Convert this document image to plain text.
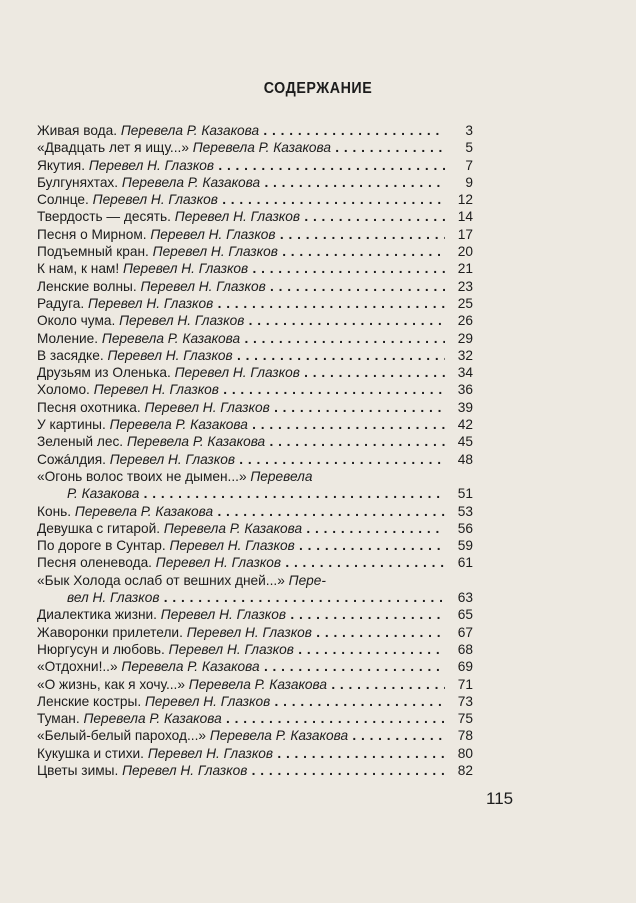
СОДЕРЖАНИЕ
Живая вода. Перевела Р. Казакова . .	3
«Двадцать лет я ищу...» Перевела Р. Казакова . .	5
Якутия. Перевел Н. Глазков . .	7
Булгуняхтах. Перевела Р. Казакова . .	9
Солнце. Перевел Н. Глазков . .	12
Твердость — десять. Перевел Н. Глазков . .	14
Песня о Мирном. Перевел Н. Глазков . .	17
Подъемный кран. Перевел Н. Глазков . .	20
К нам, к нам! Перевел Н. Глазков . .	21
Ленские волны. Перевел Н. Глазков . .	23
Радуга. Перевел Н. Глазков . .	25
Около чума. Перевел Н. Глазков . .	26
Моление. Перевела Р. Казакова . .	29
В засядке. Перевел Н. Глазков . .	32
Друзьям из Оленька. Перевел Н. Глазков . .	34
Холомо. Перевел Н. Глазков . .	36
Песня охотника. Перевел Н. Глазков . .	39
У картины. Перевела Р. Казакова . .	42
Зеленый лес. Перевела Р. Казакова . .	45
Сожáлдия. Перевел Н. Глазков . .	48
«Огонь волос твоих не дымен...» Перевела
Р. Казакова . .	51
Конь. Перевела Р. Казакова . .	53
Девушка с гитарой. Перевела Р. Казакова . .	56
По дороге в Сунтар. Перевел Н. Глазков . .	59
Песня оленевода. Перевел Н. Глазков . .	61
«Бык Холода ослаб от вешних дней...» Пере-
вел Н. Глазков . .	63
Диалектика жизни. Перевел Н. Глазков . .	65
Жаворонки прилетели. Перевел Н. Глазков . .	67
Нюргусун и любовь. Перевел Н. Глазков . .	68
«Отдохни!..» Перевела Р. Казакова . .	69
«О жизнь, как я хочу...» Перевела Р. Казакова . .	71
Ленские костры. Перевел Н. Глазков . .	73
Туман. Перевела Р. Казакова . .	75
«Белый-белый пароход...» Перевела Р. Казакова . .	78
Кукушка и стихи. Перевел Н. Глазков . .	80
Цветы зимы. Перевел Н. Глазков . .	82
115
